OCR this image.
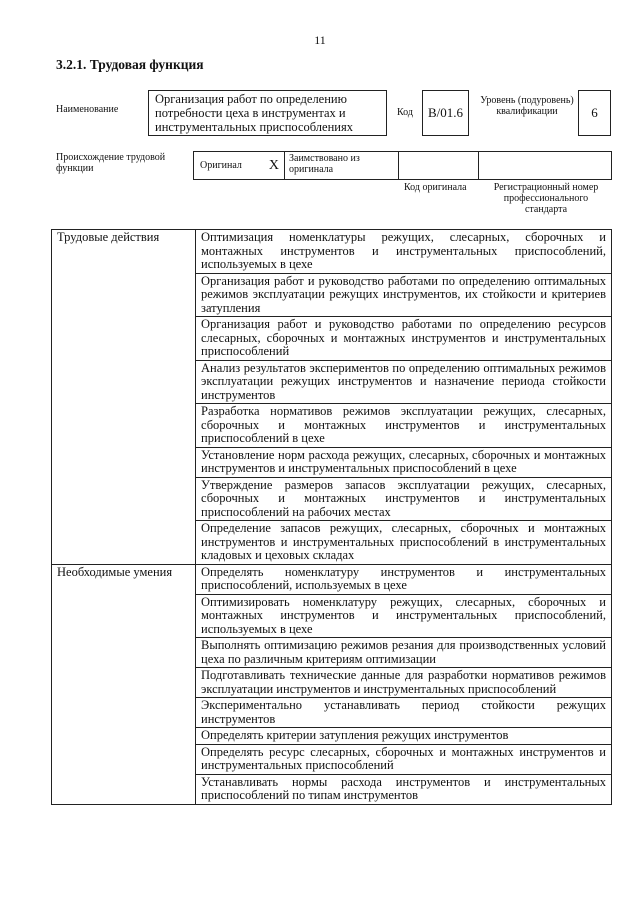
11
3.2.1. Трудовая функция
Наименование
Организация работ по определению потребности цеха в инструментах и инструментальных приспособлениях
Код	B/01.6
Уровень (подуровень) квалификации	6
Происхождение трудовой функции	Оригинал X	Заимствовано из оригинала
Код оригинала	Регистрационный номер профессионального стандарта
Трудовые действия	Оптимизация номенклатуры режущих, слесарных, сборочных и монтажных инструментов и инструментальных приспособлений, используемых в цехе
	Организация работ и руководство работами по определению оптимальных режимов эксплуатации режущих инструментов, их стойкости и критериев затупления
	Организация работ и руководство работами по определению ресурсов слесарных, сборочных и монтажных инструментов и инструментальных приспособлений
	Анализ результатов экспериментов по определению оптимальных режимов эксплуатации режущих инструментов и назначение периода стойкости инструментов
	Разработка нормативов режимов эксплуатации режущих, слесарных, сборочных и монтажных инструментов и инструментальных приспособлений в цехе
	Установление норм расхода режущих, слесарных, сборочных и монтажных инструментов и инструментальных приспособлений в цехе
	Утверждение размеров запасов эксплуатации режущих, слесарных, сборочных и монтажных инструментов и инструментальных приспособлений на рабочих местах
	Определение запасов режущих, слесарных, сборочных и монтажных инструментов и инструментальных приспособлений в инструментальных кладовых и цеховых складах
Необходимые умения	Определять номенклатуру инструментов и инструментальных приспособлений, используемых в цехе
	Оптимизировать номенклатуру режущих, слесарных, сборочных и монтажных инструментов и инструментальных приспособлений, используемых в цехе
	Выполнять оптимизацию режимов резания для производственных условий цеха по различным критериям оптимизации
	Подготавливать технические данные для разработки нормативов режимов эксплуатации инструментов и инструментальных приспособлений
	Экспериментально устанавливать период стойкости режущих инструментов
	Определять критерии затупления режущих инструментов
	Определять ресурс слесарных, сборочных и монтажных инструментов и инструментальных приспособлений
	Устанавливать нормы расхода инструментов и инструментальных приспособлений по типам инструментов
